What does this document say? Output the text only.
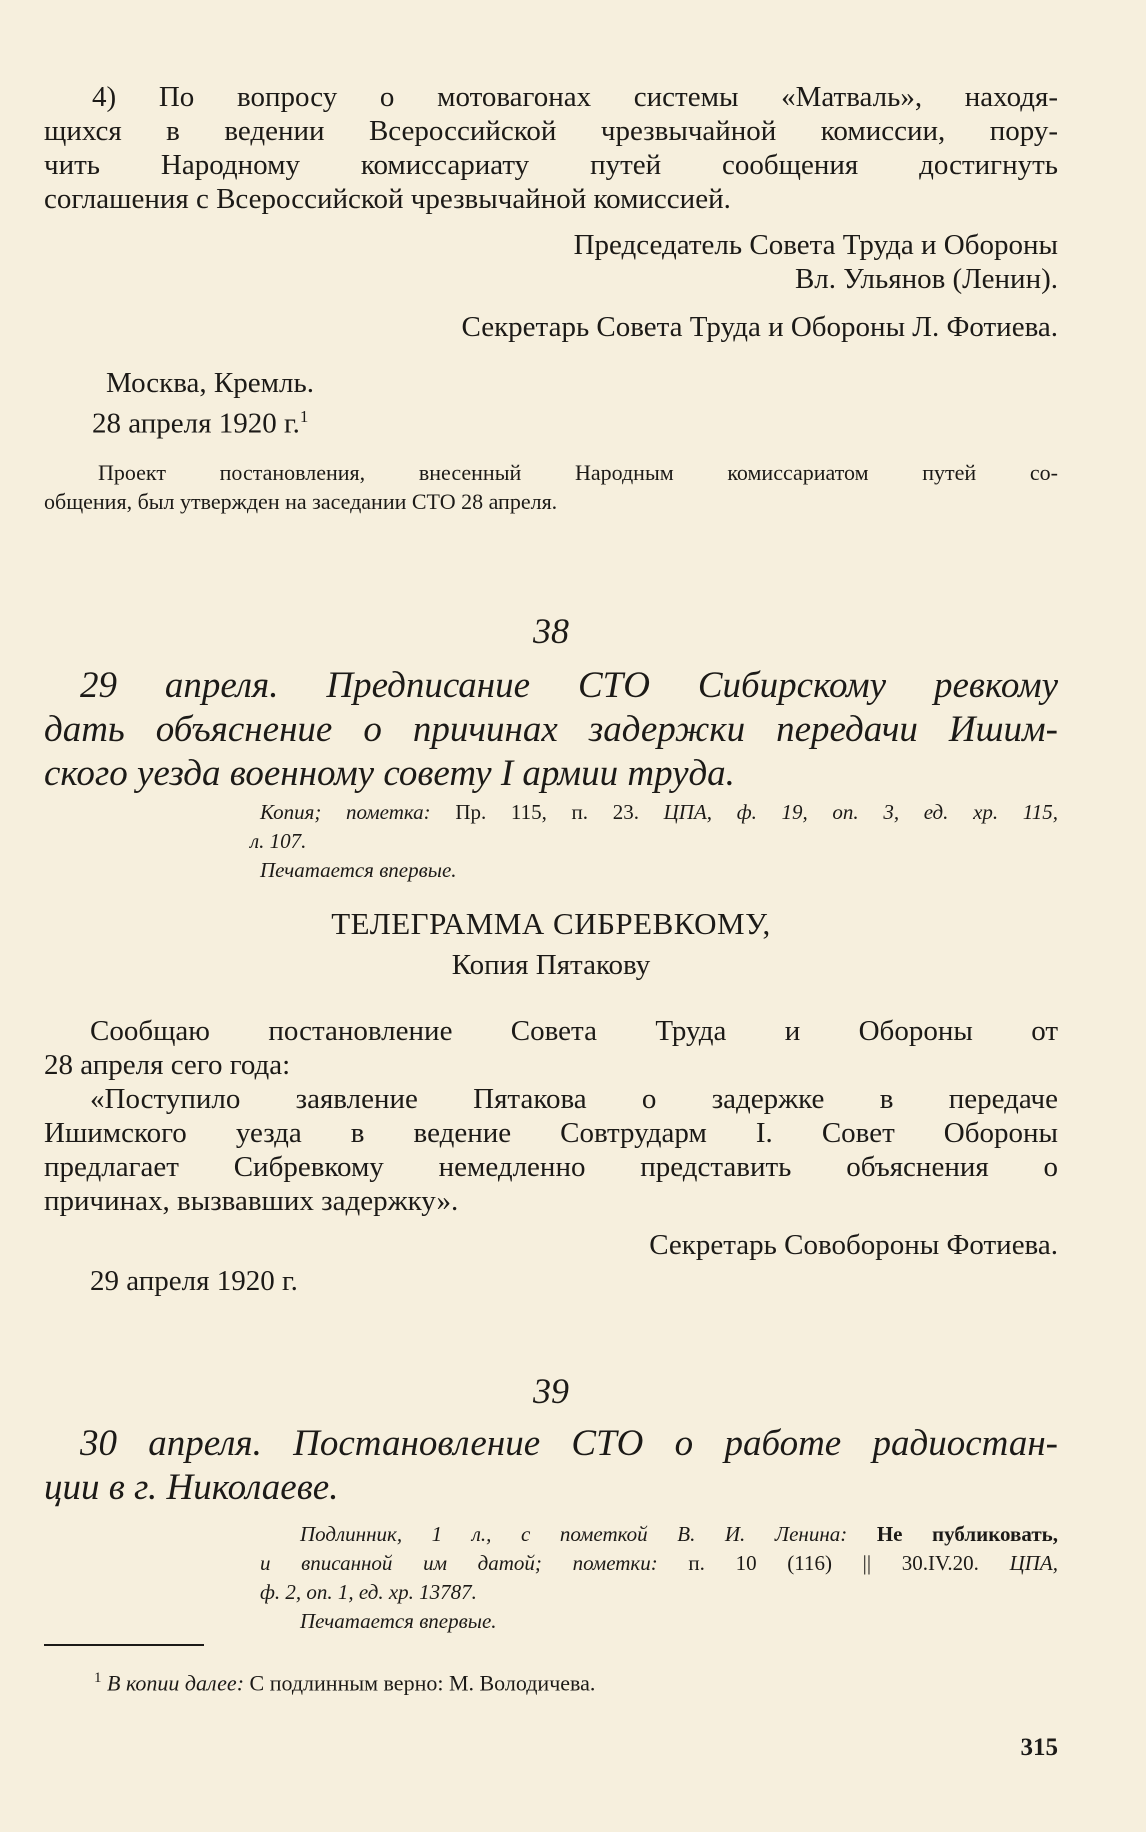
4) По вопросу о мотовагонах системы «Матваль», находя-
щихся в ведении Всероссийской чрезвычайной комиссии, пору-
чить Народному комиссариату путей сообщения достигнуть
соглашения с Всероссийской чрезвычайной комиссией.
Председатель Совета Труда и Обороны
Вл. Ульянов (Ленин).
Секретарь Совета Труда и Обороны Л. Фотиева.
Москва, Кремль.
28 апреля 1920 г.$^1$
Проект постановления, внесенный Народным комиссариатом путей со-
общения, был утвержден на заседании СТО 28 апреля.
38
29 апреля. Предписание СТО Сибирскому ревкому
дать объяснение о причинах задержки передачи Ишим-
ского уезда военному совету I армии труда.
Копия; пометка: Пр. 115, п. 23. ЦПА, ф. 19, оп. 3, ед. хр. 115,
л. 107.
Печатается впервые.
ТЕЛЕГРАММА СИБРЕВКОМУ,
Копия Пятакову
Сообщаю постановление Совета Труда и Обороны от
28 апреля сего года:
«Поступило заявление Пятакова о задержке в передаче
Ишимского уезда в ведение Совтрударм I. Совет Обороны
предлагает Сибревкому немедленно представить объяснения о
причинах, вызвавших задержку».
Секретарь Совобороны Фотиева.
29 апреля 1920 г.
39
30 апреля. Постановление СТО о работе радиостан-
ции в г. Николаеве.
Подлинник, 1 л., с пометкой В. И. Ленина: Не публиковать,
и вписанной им датой; пометки: п. 10 (116) || 30.IV.20. ЦПА,
ф. 2, оп. 1, ед. хр. 13787.
Печатается впервые.
$^1$ В копии далее: С подлинным верно: М. Володичева.
315
